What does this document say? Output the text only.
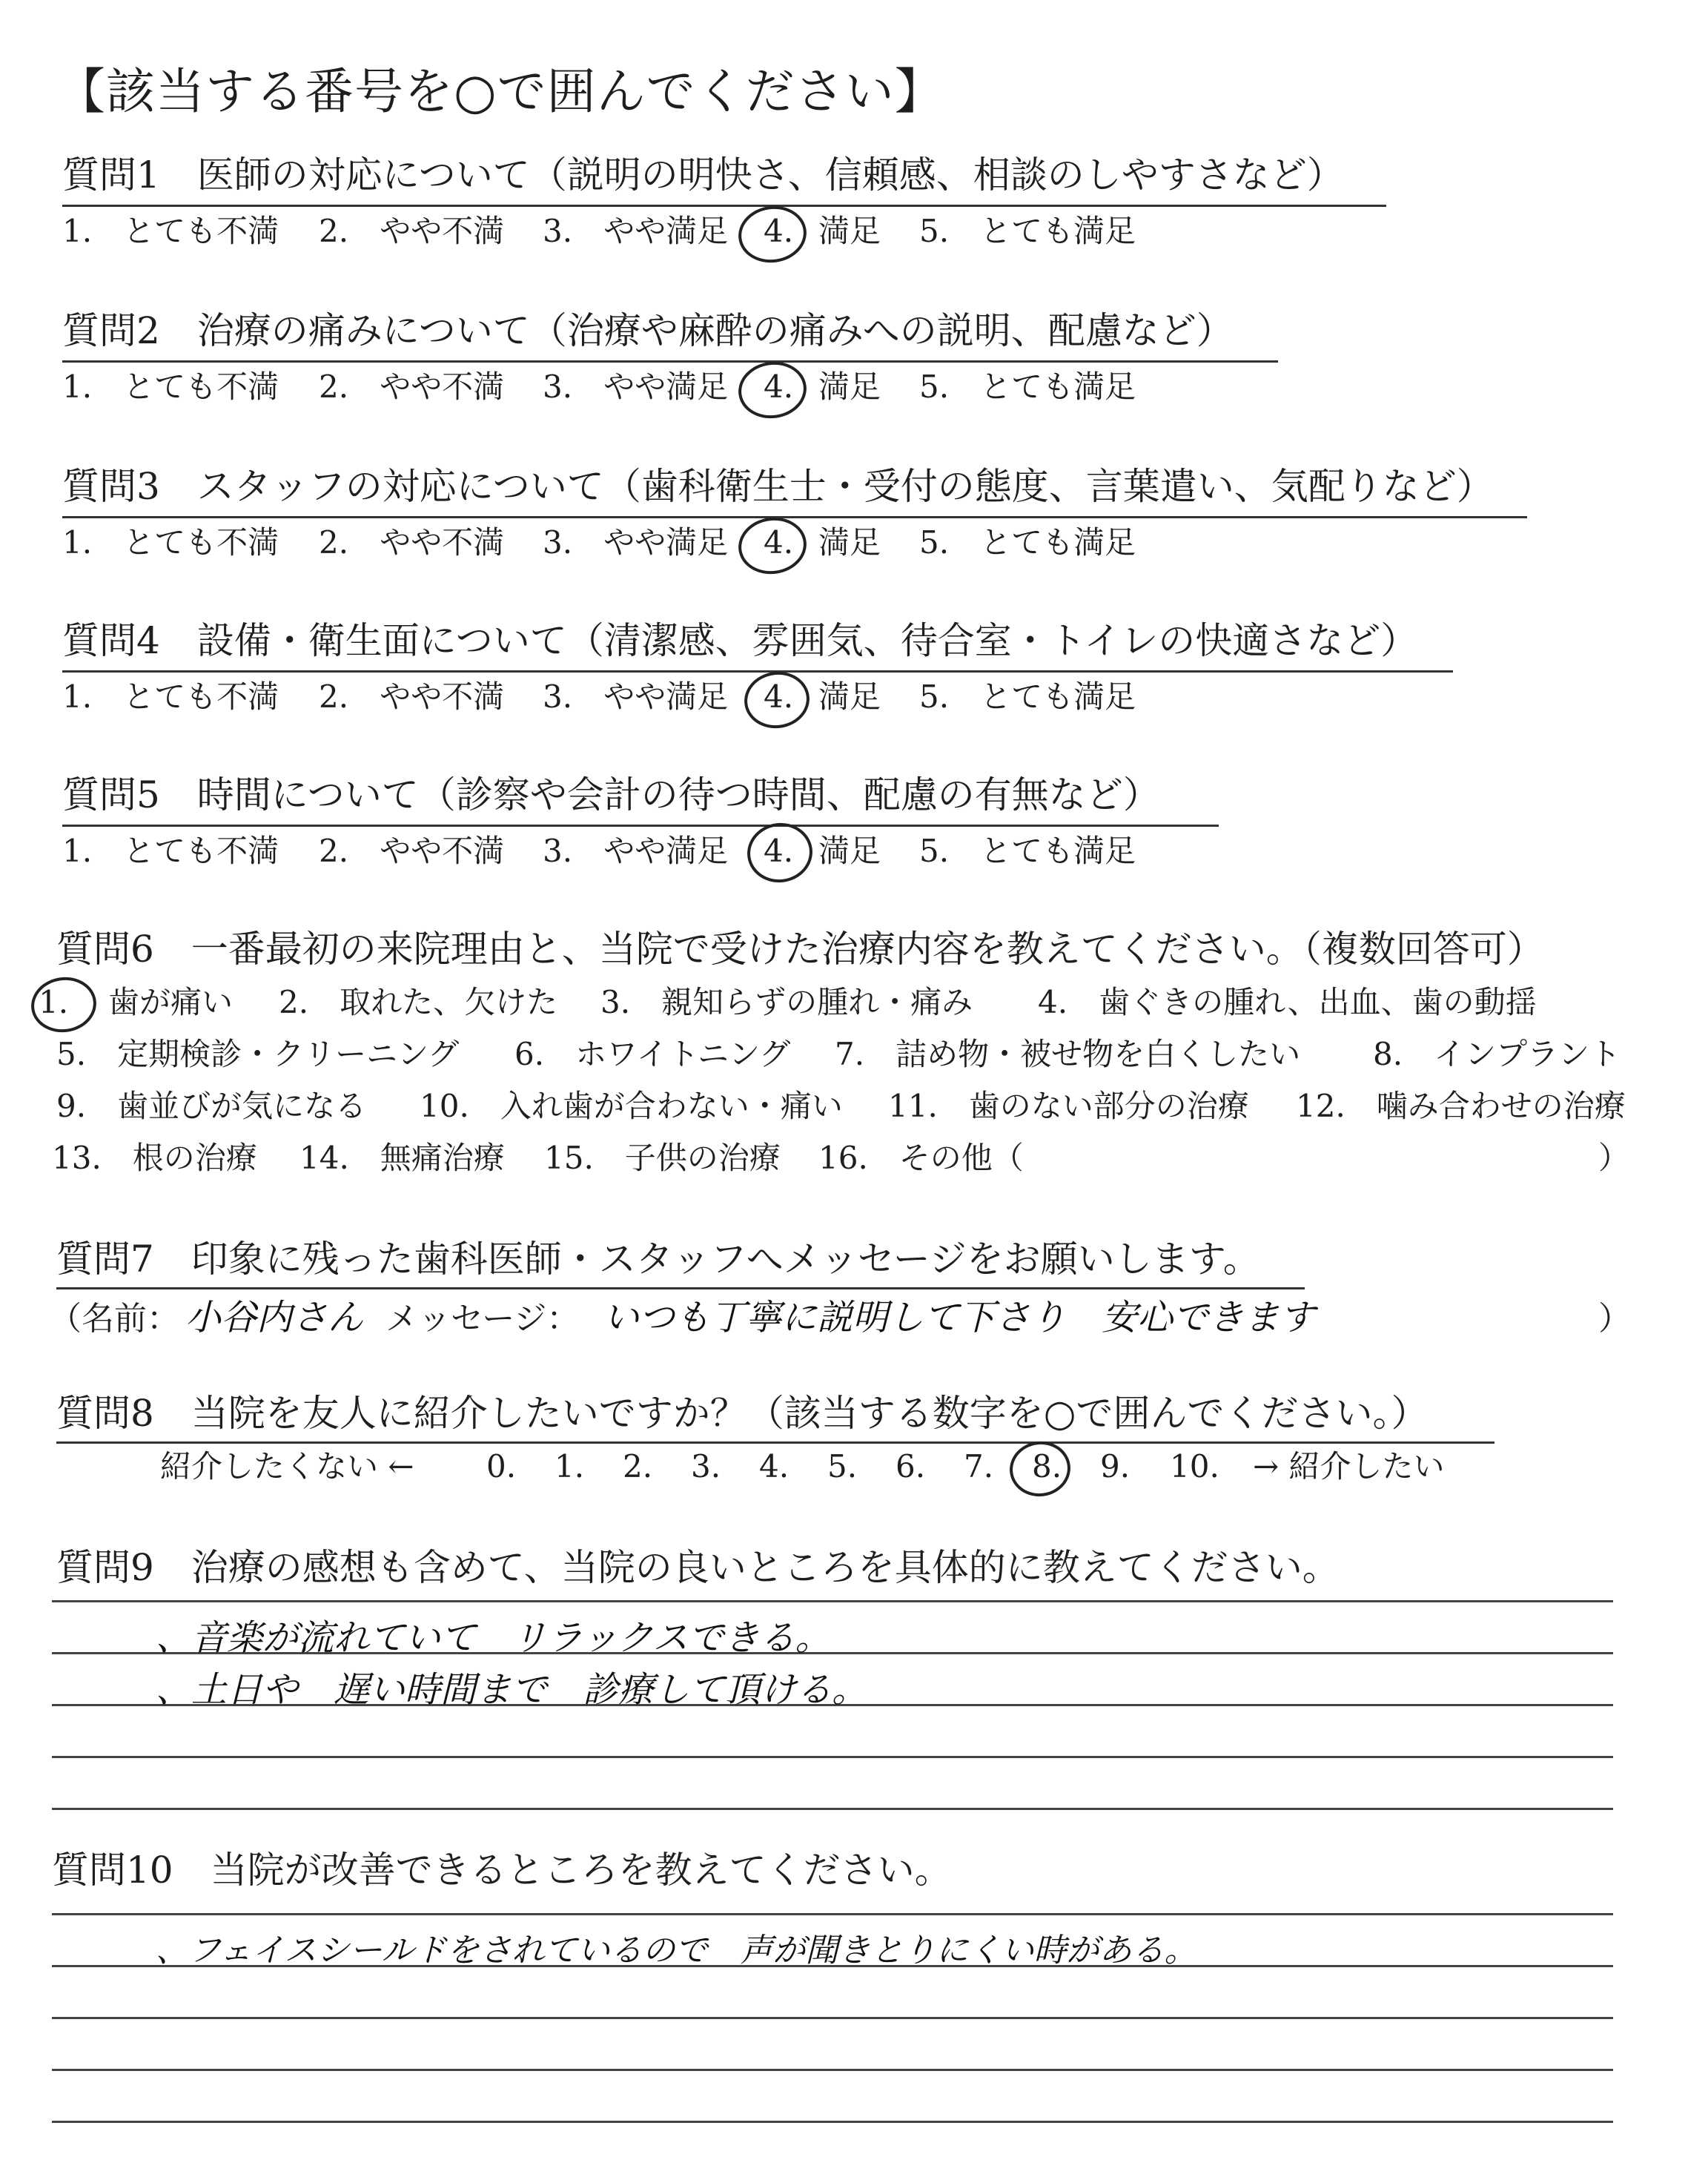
【該当する番号を○で囲んでください】
質問1　医師の対応について（説明の明快さ、信頼感、相談のしやすさなど）
1.　とても不満 2.　やや不満 3.　やや満足 4. 満足 5.　とても満足
質問2　治療の痛みについて（治療や麻酔の痛みへの説明、配慮など）
1.　とても不満 2.　やや不満 3.　やや満足 4. 満足 5.　とても満足
質問3　スタッフの対応について（歯科衛生士・受付の態度、言葉遣い、気配りなど）
1.　とても不満 2.　やや不満 3.　やや満足 4. 満足 5.　とても満足
質問4　設備・衛生面について（清潔感、雰囲気、待合室・トイレの快適さなど）
1.　とても不満 2.　やや不満 3.　やや満足 4. 満足 5.　とても満足
質問5　時間について（診察や会計の待つ時間、配慮の有無など）
1.　とても不満 2.　やや不満 3.　やや満足 4. 満足 5.　とても満足
質問6　一番最初の来院理由と、当院で受けた治療内容を教えてください。（複数回答可）
1. 歯が痛い 2.　取れた、欠けた 3.　親知らずの腫れ・痛み 4.　歯ぐきの腫れ、出血、歯の動揺
5.　定期検診・クリーニング 6.　ホワイトニング 7.　詰め物・被せ物を白くしたい 8.　インプラント
9.　歯並びが気になる 10.　入れ歯が合わない・痛い 11.　歯のない部分の治療 12.　噛み合わせの治療
13.　根の治療 14.　無痛治療 15.　子供の治療 16.　その他（	）
質問7　印象に残った歯科医師・スタッフへメッセージをお願いします。
（名前： 小谷内さん メッセージ： いつも丁寧に説明して下さり　安心できます	）
質問8　当院を友人に紹介したいですか？（該当する数字を○で囲んでください。）
紹介したくない ← 0. 1. 2. 3. 4. 5. 6. 7. 8. 9. 10. → 紹介したい
質問9　治療の感想も含めて、当院の良いところを具体的に教えてください。
、音楽が流れていて　リラックスできる。
、土日や　遅い時間まで　診療して頂ける。
質問10　当院が改善できるところを教えてください。
、フェイスシールドをされているので　声が聞きとりにくい時がある。
